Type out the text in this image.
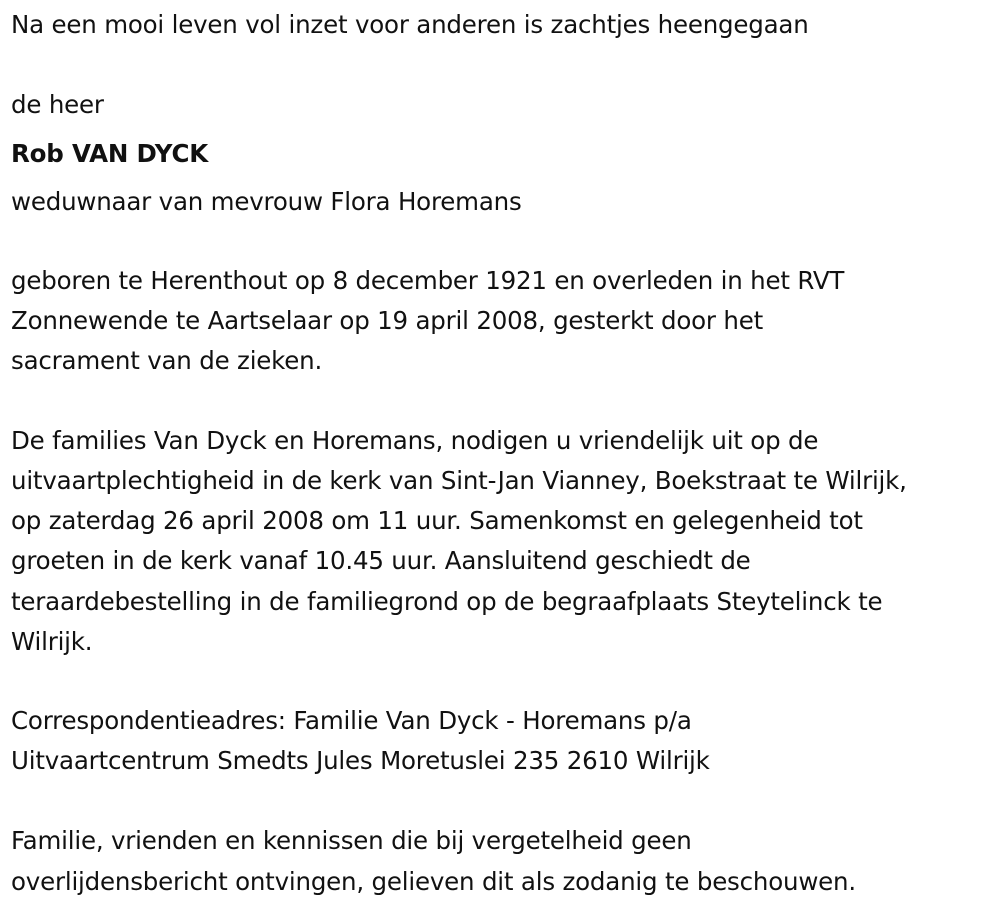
Na een mooi leven vol inzet voor anderen is zachtjes heengegaan
de heer
Rob VAN DYCK
weduwnaar van mevrouw Flora Horemans
geboren te Herenthout op 8 december 1921 en overleden in het RVT
Zonnewende te Aartselaar op 19 april 2008, gesterkt door het
sacrament van de zieken.
De families Van Dyck en Horemans, nodigen u vriendelijk uit op de
uitvaartplechtigheid in de kerk van Sint-Jan Vianney, Boekstraat te Wilrijk,
op zaterdag 26 april 2008 om 11 uur. Samenkomst en gelegenheid tot
groeten in de kerk vanaf 10.45 uur. Aansluitend geschiedt de
teraardebestelling in de familiegrond op de begraafplaats Steytelinck te
Wilrijk.
Correspondentieadres: Familie Van Dyck - Horemans p/a
Uitvaartcentrum Smedts Jules Moretuslei 235 2610 Wilrijk
Familie, vrienden en kennissen die bij vergetelheid geen
overlijdensbericht ontvingen, gelieven dit als zodanig te beschouwen.
